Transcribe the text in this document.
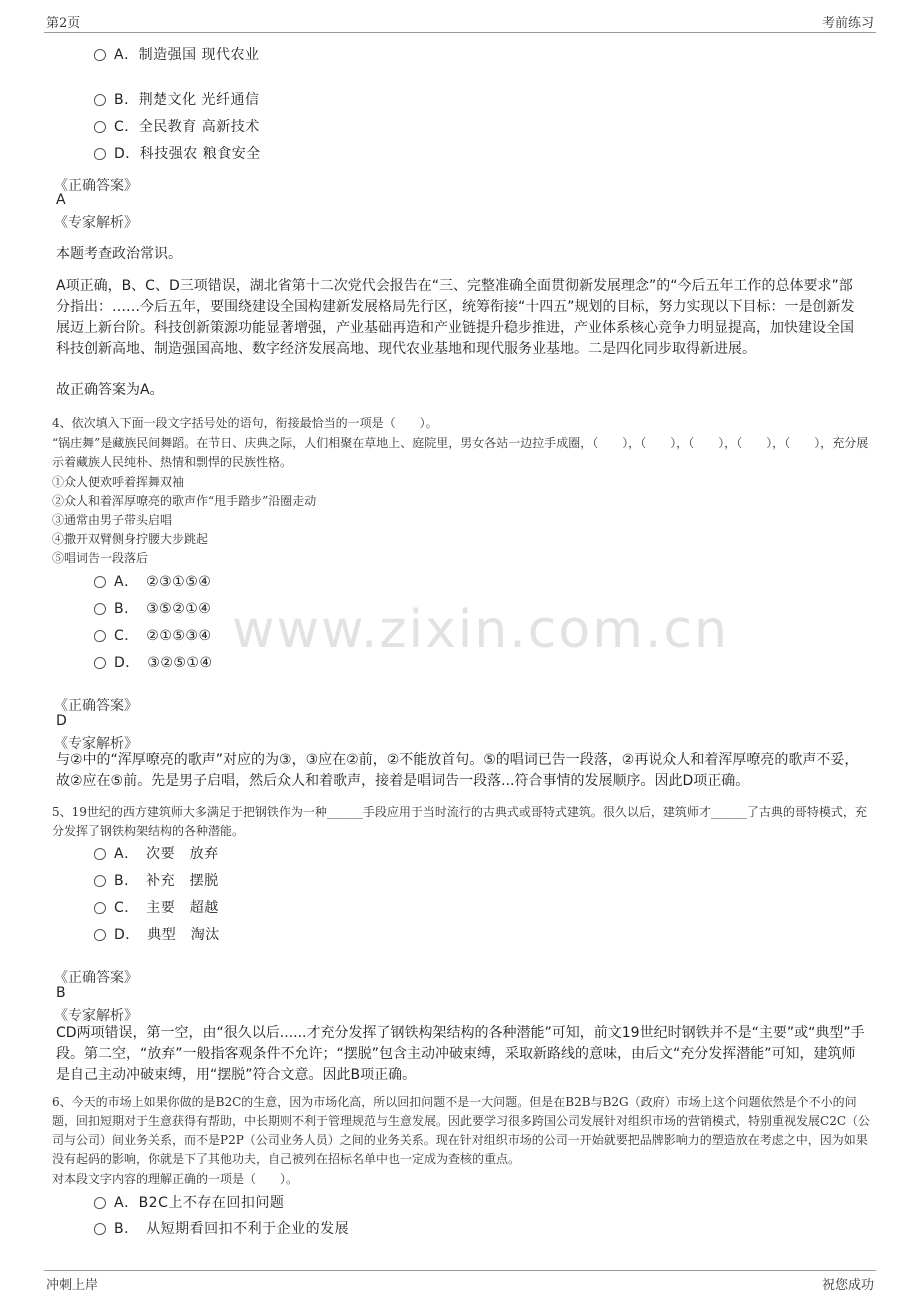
第2页	考前练习
www.zixin.com.cn
A．制造强国 现代农业
B．荆楚文化 光纤通信
C．全民教育 高新技术
D．科技强农 粮食安全
《正确答案》
A
《专家解析》
本题考查政治常识。
A项正确，B、C、D三项错误，湖北省第十二次党代会报告在“三、完整准确全面贯彻新发展理念”的“今后五年工作的总体要求”部分指出：……今后五年，要围绕建设全国构建新发展格局先行区，统筹衔接“十四五”规划的目标，努力实现以下目标：一是创新发展迈上新台阶。科技创新策源功能显著增强，产业基础再造和产业链提升稳步推进，产业体系核心竞争力明显提高，加快建设全国科技创新高地、制造强国高地、数字经济发展高地、现代农业基地和现代服务业基地。二是四化同步取得新进展。
故正确答案为A。
4、依次填入下面一段文字括号处的语句，衔接最恰当的一项是（　　）。
“锅庄舞”是藏族民间舞蹈。在节日、庆典之际，人们相聚在草地上、庭院里，男女各站一边拉手成圈，（　　），（　　），（　　），（　　），（　　），充分展示着藏族人民纯朴、热情和剽悍的民族性格。
①众人便欢呼着挥舞双袖
②众人和着浑厚嘹亮的歌声作“甩手踏步”沿圈走动
③通常由男子带头启唱
④撒开双臂侧身拧腰大步跳起
⑤唱词告一段落后
A．　②③①⑤④
B．　③⑤②①④
C．　②①⑤③④
D．　③②⑤①④
《正确答案》
D
《专家解析》
与②中的“浑厚嘹亮的歌声”对应的为③，③应在②前，②不能放首句。⑤的唱词已告一段落，②再说众人和着浑厚嘹亮的歌声不妥，故②应在⑤前。先是男子启唱，然后众人和着歌声，接着是唱词告一段落...符合事情的发展顺序。因此D项正确。
5、19世纪的西方建筑师大多满足于把钢铁作为一种______手段应用于当时流行的古典式或哥特式建筑。很久以后，建筑师才______了古典的哥特模式，充分发挥了钢铁构架结构的各种潜能。
A．　次要　放弃
B．　补充　摆脱
C．　主要　超越
D．　典型　淘汰
《正确答案》
B
《专家解析》
CD两项错误，第一空，由“很久以后......才充分发挥了钢铁构架结构的各种潜能”可知，前文19世纪时钢铁并不是“主要”或“典型”手段。第二空，“放弃”一般指客观条件不允许；“摆脱”包含主动冲破束缚，采取新路线的意味，由后文“充分发挥潜能”可知，建筑师是自己主动冲破束缚，用“摆脱”符合文意。因此B项正确。
6、今天的市场上如果你做的是B2C的生意，因为市场化高，所以回扣问题不是一大问题。但是在B2B与B2G（政府）市场上这个问题依然是个不小的问题，回扣短期对于生意获得有帮助，中长期则不利于管理规范与生意发展。因此要学习很多跨国公司发展针对组织市场的营销模式，特别重视发展C2C（公司与公司）间业务关系，而不是P2P（公司业务人员）之间的业务关系。现在针对组织市场的公司一开始就要把品牌影响力的塑造放在考虑之中，因为如果没有起码的影响，你就是下了其他功夫，自己被列在招标名单中也一定成为查核的重点。
对本段文字内容的理解正确的一项是（　　）。
A．B2C上不存在回扣问题
B．　从短期看回扣不利于企业的发展
冲刺上岸	祝您成功
